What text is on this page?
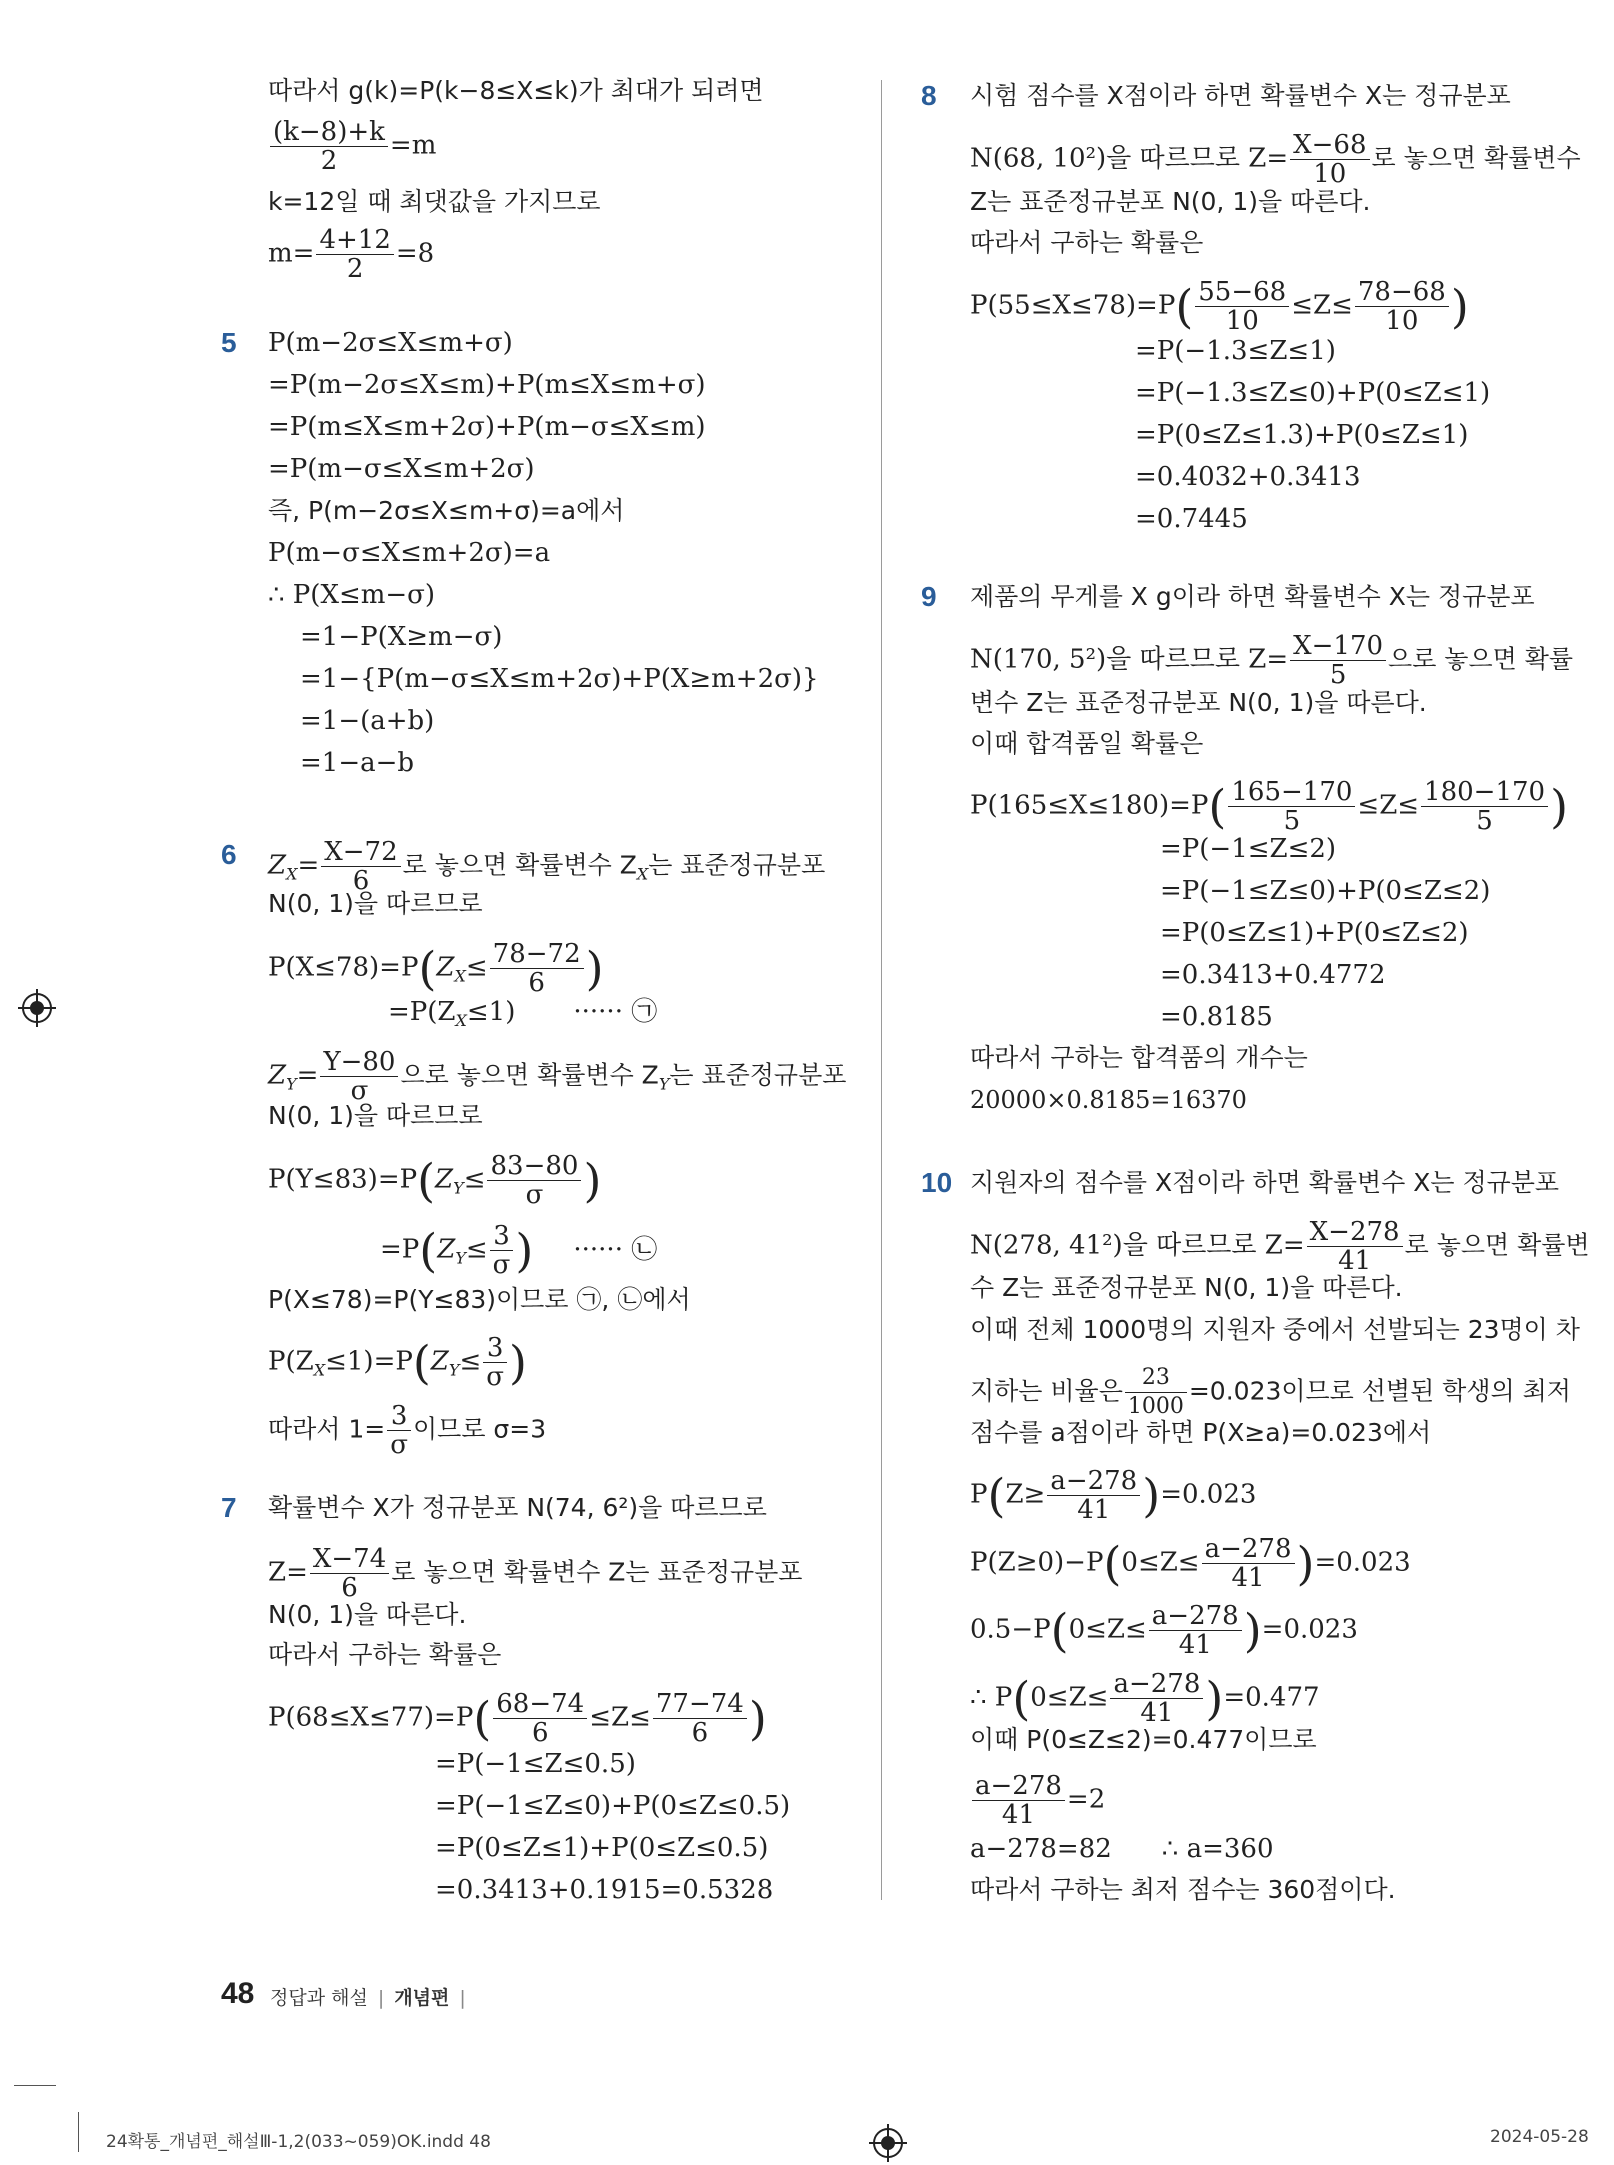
따라서 g(k)=P(k−8≤X≤k)가 최대가 되려면
$\frac{(k-8)+k}{2} =m$
k=12일 때 최댓값을 가지므로
$m= \frac{4+12}{2} =8$
5 P(m−2σ≤X≤m+σ)
=P(m−2σ≤X≤m)+P(m≤X≤m+σ)
=P(m≤X≤m+2σ)+P(m−σ≤X≤m)
=P(m−σ≤X≤m+2σ)
즉, P(m−2σ≤X≤m+σ)=a에서
P(m−σ≤X≤m+2σ)=a
∴ P(X≤m−σ)
=1−P(X≥m−σ)
=1−{P(m−σ≤X≤m+2σ)+P(X≥m+2σ)}
=1−(a+b)
=1−a−b
6 $Z_X= \frac{X-72}{6}$ 로 놓으면 확률변수 $Z_X$는 표준정규분포
N(0, 1)을 따르므로
$P(X\le 78)=P(Z_X\le \frac{78-72}{6}$ )
$=P(Z_X\le 1)$ ······ ㉠
$Z_Y= \frac{Y-80}{\sigma}$ 으로 놓으면 확률변수 $Z_Y$는 표준정규분포
N(0, 1)을 따르므로
$P(Y\le 83)=P(Z_Y\le \frac{83-80}{\sigma}$ )
$=P(Z_Y\le \frac{3}{\sigma}$ ) ······ ㉡
P(X≤78)=P(Y≤83)이므로 ㉠, ㉡에서
$P(Z_X\le 1)=P(Z_Y\le \frac{3}{\sigma}$ )
따라서 $1= \frac{3}{\sigma}$ 이므로 σ=3
7 확률변수 X가 정규분포 N(74, 6²)을 따르므로
$Z= \frac{X-74}{6}$ 로 놓으면 확률변수 Z는 표준정규분포
N(0, 1)을 따른다.
따라서 구하는 확률은
$P(68\le X\le 77)=P( \frac{68-74}{6} \le Z\le \frac{77-74}{6}$ )
=P(−1≤Z≤0.5)
=P(−1≤Z≤0)+P(0≤Z≤0.5)
=P(0≤Z≤1)+P(0≤Z≤0.5)
=0.3413+0.1915=0.5328
8 시험 점수를 X점이라 하면 확률변수 X는 정규분포
N(68, 10²)을 따르므로 $Z= \frac{X-68}{10}$ 로 놓으면 확률변수
Z는 표준정규분포 N(0, 1)을 따른다.
따라서 구하는 확률은
$P(55\le X\le 78)=P( \frac{55-68}{10} \le Z\le \frac{78-68}{10}$ )
=P(−1.3≤Z≤1)
=P(−1.3≤Z≤0)+P(0≤Z≤1)
=P(0≤Z≤1.3)+P(0≤Z≤1)
=0.4032+0.3413
=0.7445
9 제품의 무게를 X g이라 하면 확률변수 X는 정규분포
N(170, 5²)을 따르므로 $Z= \frac{X-170}{5}$ 으로 놓으면 확률
변수 Z는 표준정규분포 N(0, 1)을 따른다.
이때 합격품일 확률은
$P(165\le X\le 180)=P( \frac{165-170}{5} \le Z\le \frac{180-170}{5}$ )
=P(−1≤Z≤2)
=P(−1≤Z≤0)+P(0≤Z≤2)
=P(0≤Z≤1)+P(0≤Z≤2)
=0.3413+0.4772
=0.8185
따라서 구하는 합격품의 개수는
20000×0.8185=16370
10 지원자의 점수를 X점이라 하면 확률변수 X는 정규분포
N(278, 41²)을 따르므로 $Z= \frac{X-278}{41}$ 로 놓으면 확률변
수 Z는 표준정규분포 N(0, 1)을 따른다.
이때 전체 1000명의 지원자 중에서 선발되는 23명이 차
지하는 비율은 $\frac{23}{1000} =0.023$이므로 선별된 학생의 최저
점수를 a점이라 하면 P(X≥a)=0.023에서
$P(Z\ge \frac{a-278}{41} )=0.023$
$P(Z\ge 0)-P(0\le Z\le \frac{a-278}{41} )=0.023$
$0.5-P(0\le Z\le \frac{a-278}{41} )=0.023$
∴ $P(0\le Z\le \frac{a-278}{41} )=0.477$
이때 P(0≤Z≤2)=0.477이므로
$\frac{a-278}{41} =2$
a−278=82 ∴ a=360
따라서 구하는 최저 점수는 360점이다.
48 정답과 해설 | 개념편 |
24확통_개념편_해설Ⅲ-1,2(033~059)OK.indd 48	2024-05-28
